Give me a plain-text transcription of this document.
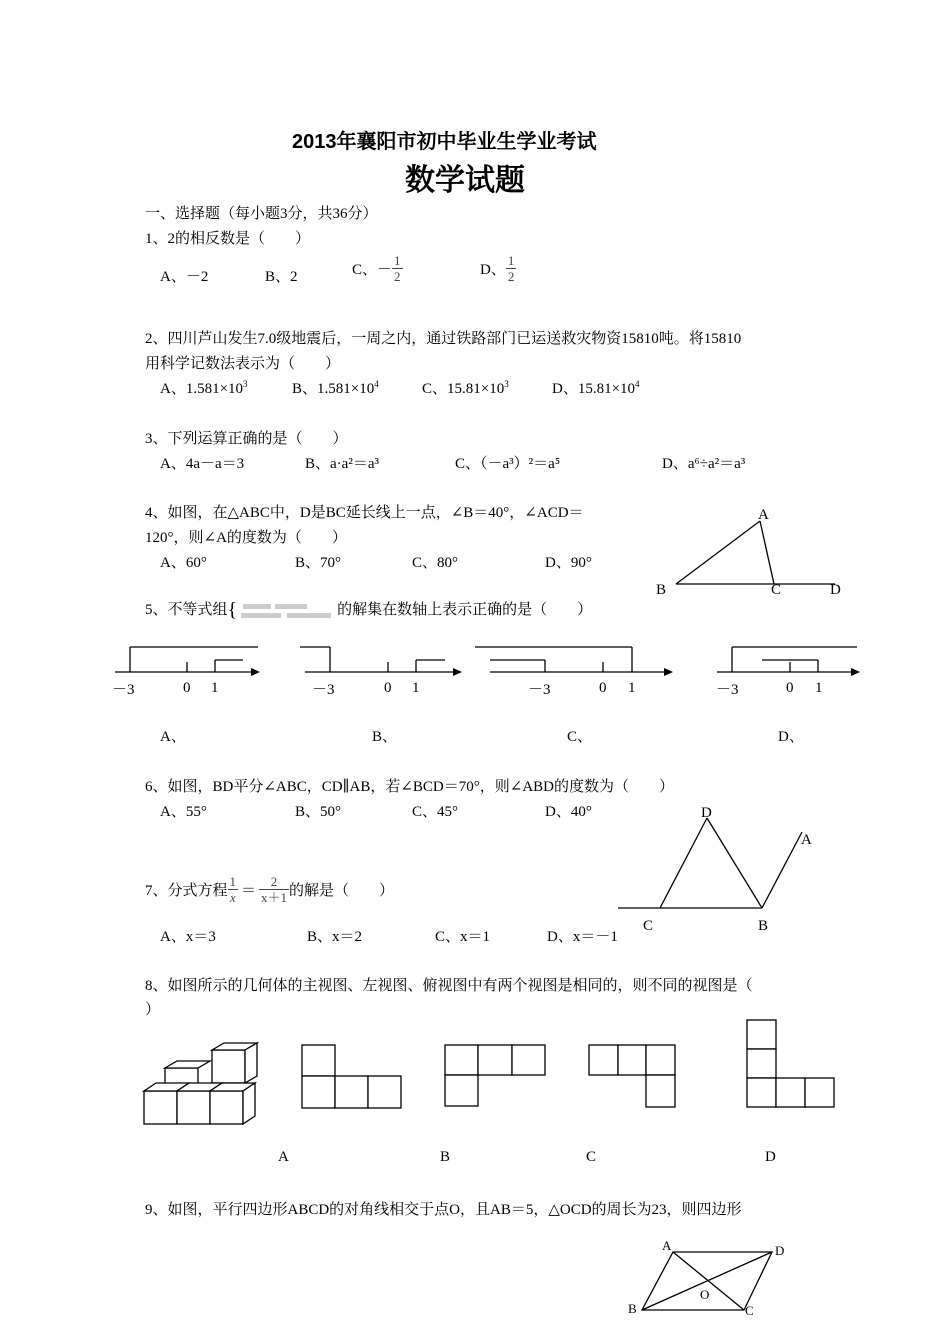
2013年襄阳市初中毕业生学业考试
数学试题
一、选择题（每小题3分，共36分）
1、2的相反数是（　　）
A、－2	B、2	C、－ $\frac{1}{2}$	D、 $\frac{1}{2}$
2、四川芦山发生7.0级地震后，一周之内，通过铁路部门已运送救灾物资15810吨。将15810
用科学记数法表示为（　　）
A、$1.581\times 10^3$	B、$1.581\times 10^4$	C、$15.81\times 10^3$	D、$15.81\times 10^4$
3、下列运算正确的是（　　）
A、4a－a＝3	B、a·a²＝a³	C、（－a³）²＝a⁵	D、a⁶÷a²＝a³
4、如图，在△ABC中，D是BC延长线上一点，∠B＝40°，∠ACD＝
120°，则∠A的度数为（　　）
A、60°	B、70°	C、80°	D、90°
A
B	C	D
5、不等式组{	的解集在数轴上表示正确的是（　　）
－3	0 1	－3	0 1	－3	0 1	－3	0 1
A、	B、	C、	D、
6、如图，BD平分∠ABC，CD∥AB，若∠BCD＝70°，则∠ABD的度数为（　　）
A、55°	B、50°	C、45°	D、40°	D
A
C	B
7、分式方程 $\frac{1}{x} = \frac{2}{x+1}$ 的解是（　　）
A、x＝3	B、x＝2	C、x＝1	D、x＝－1
8、如图所示的几何体的主视图、左视图、俯视图中有两个视图是相同的，则不同的视图是（
）
A	B	C	D
9、如图，平行四边形ABCD的对角线相交于点O，且AB＝5，△OCD的周长为23，则四边形
A	D
B	C
O
